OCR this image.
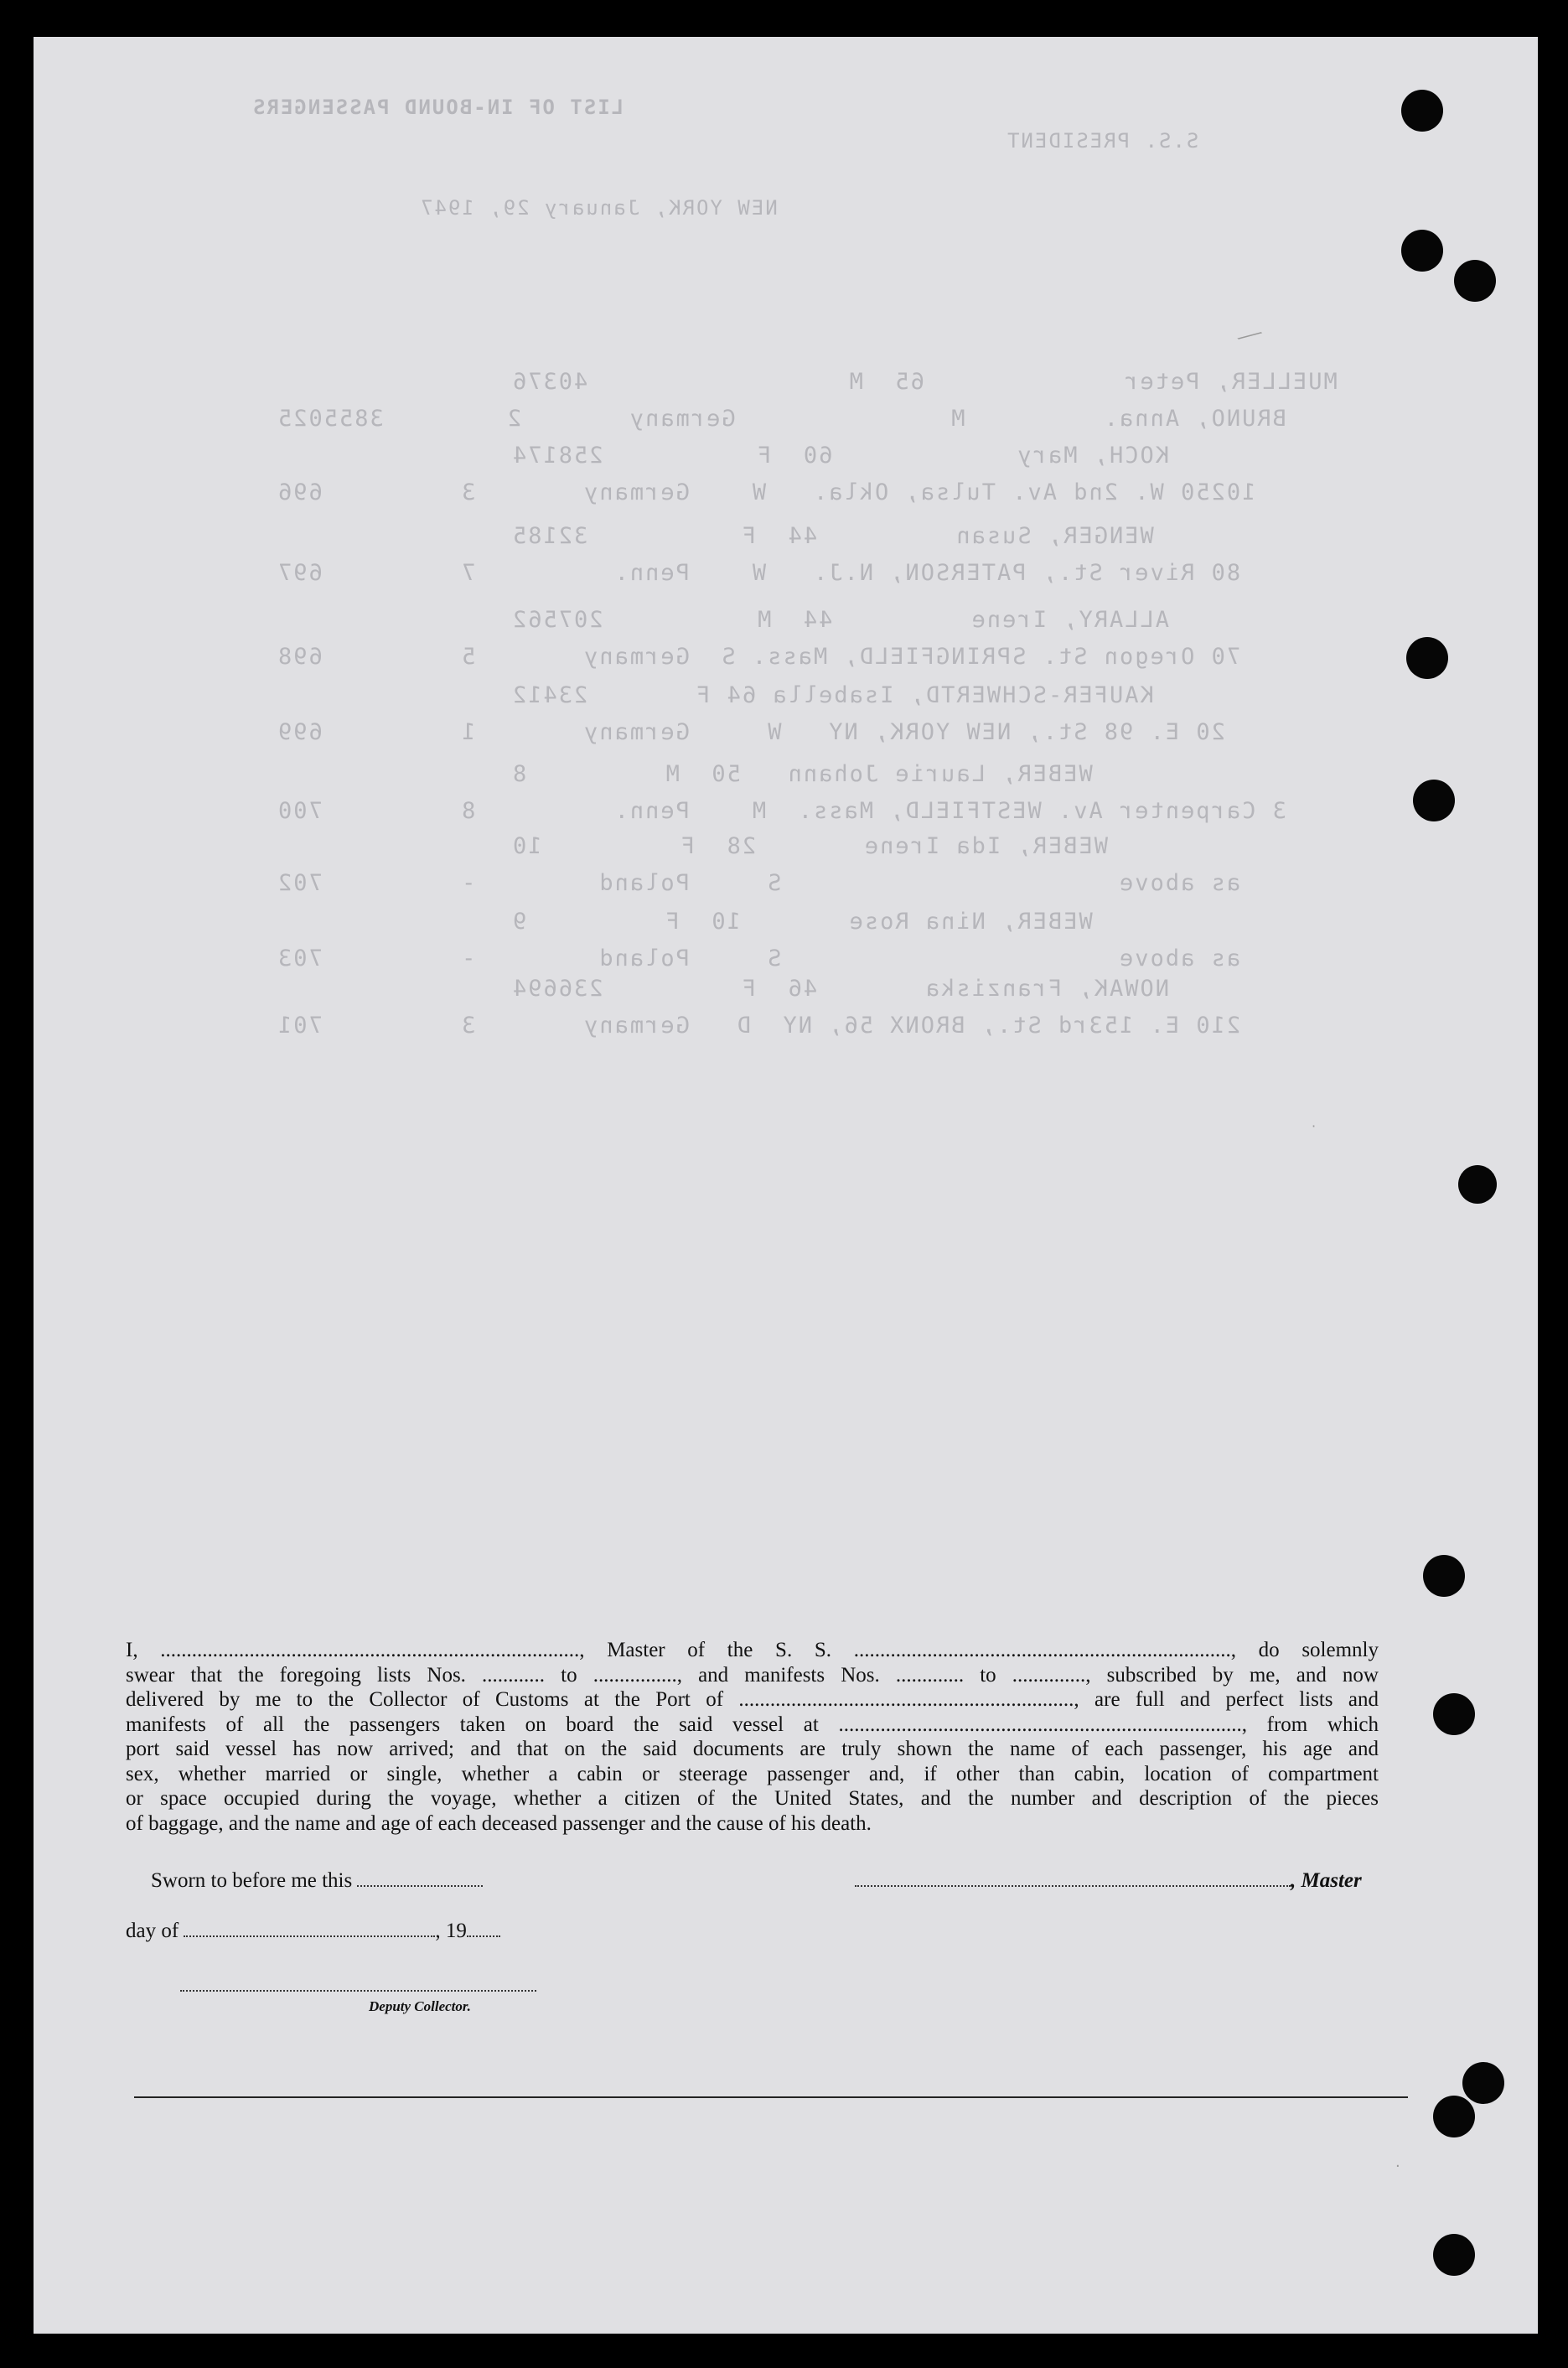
LIST OF IN-BOUND PASSENGERS
S.S. PRESIDENT
NEW YORK, January 29, 1947
MUELLER, Peter             65  M                 40376
BRUNO, Anna.         M              Germany       2        3855025
KOCH, Mary            60  F          258174
10250 W. 2nd Av. Tulsa, Okla.   W    Germany       3         696
WENGER, Susan         44  F          32185
80 River St., PATERSON, N.J.   W    Penn.         7         697
ALLARY, Irene         44  M          207562
70 Oregon St. SPRINGFIELD, Mass. S  Germany       5         698
KAUFER-SCHWERTD, Isabella 64 F       23412
20 E. 98 St., NEW YORK, NY   W     Germany       1         699
WEBER, Laurie Johann   50  M         8
3 Carpenter Av. WESTFIELD, Mass.  M    Penn.         8         700
WEBER, Ida Irene       28  F         10
as above                      S     Poland        -         702
WEBER, Nina Rose       10  F         9
as above                      S     Poland        -         703
NOWAK, Franziska       46  F         236694
210 E. 153rd St., BRONX 56, NY  D   Germany       3         701
⟋
·
·
I, ................................................................................, Master of the S. S. ........................................................................, do solemnly
swear that the foregoing lists Nos. ............ to ................, and manifests Nos. ............. to .............., subscribed by me, and now
delivered by me to the Collector of Customs at the Port of ................................................................, are full and perfect lists and
manifests of all the passengers taken on board the said vessel at ............................................................................., from which
port said vessel has now arrived; and that on the said documents are truly shown the name of each passenger, his age and
sex, whether married or single, whether a cabin or steerage passenger and, if other than cabin, location of compartment
or space occupied during the voyage, whether a citizen of the United States, and the number and description of the pieces
of baggage, and the name and age of each deceased passenger and the cause of his death.
Sworn to before me this	, Master
day of	, 19
Deputy Collector.
